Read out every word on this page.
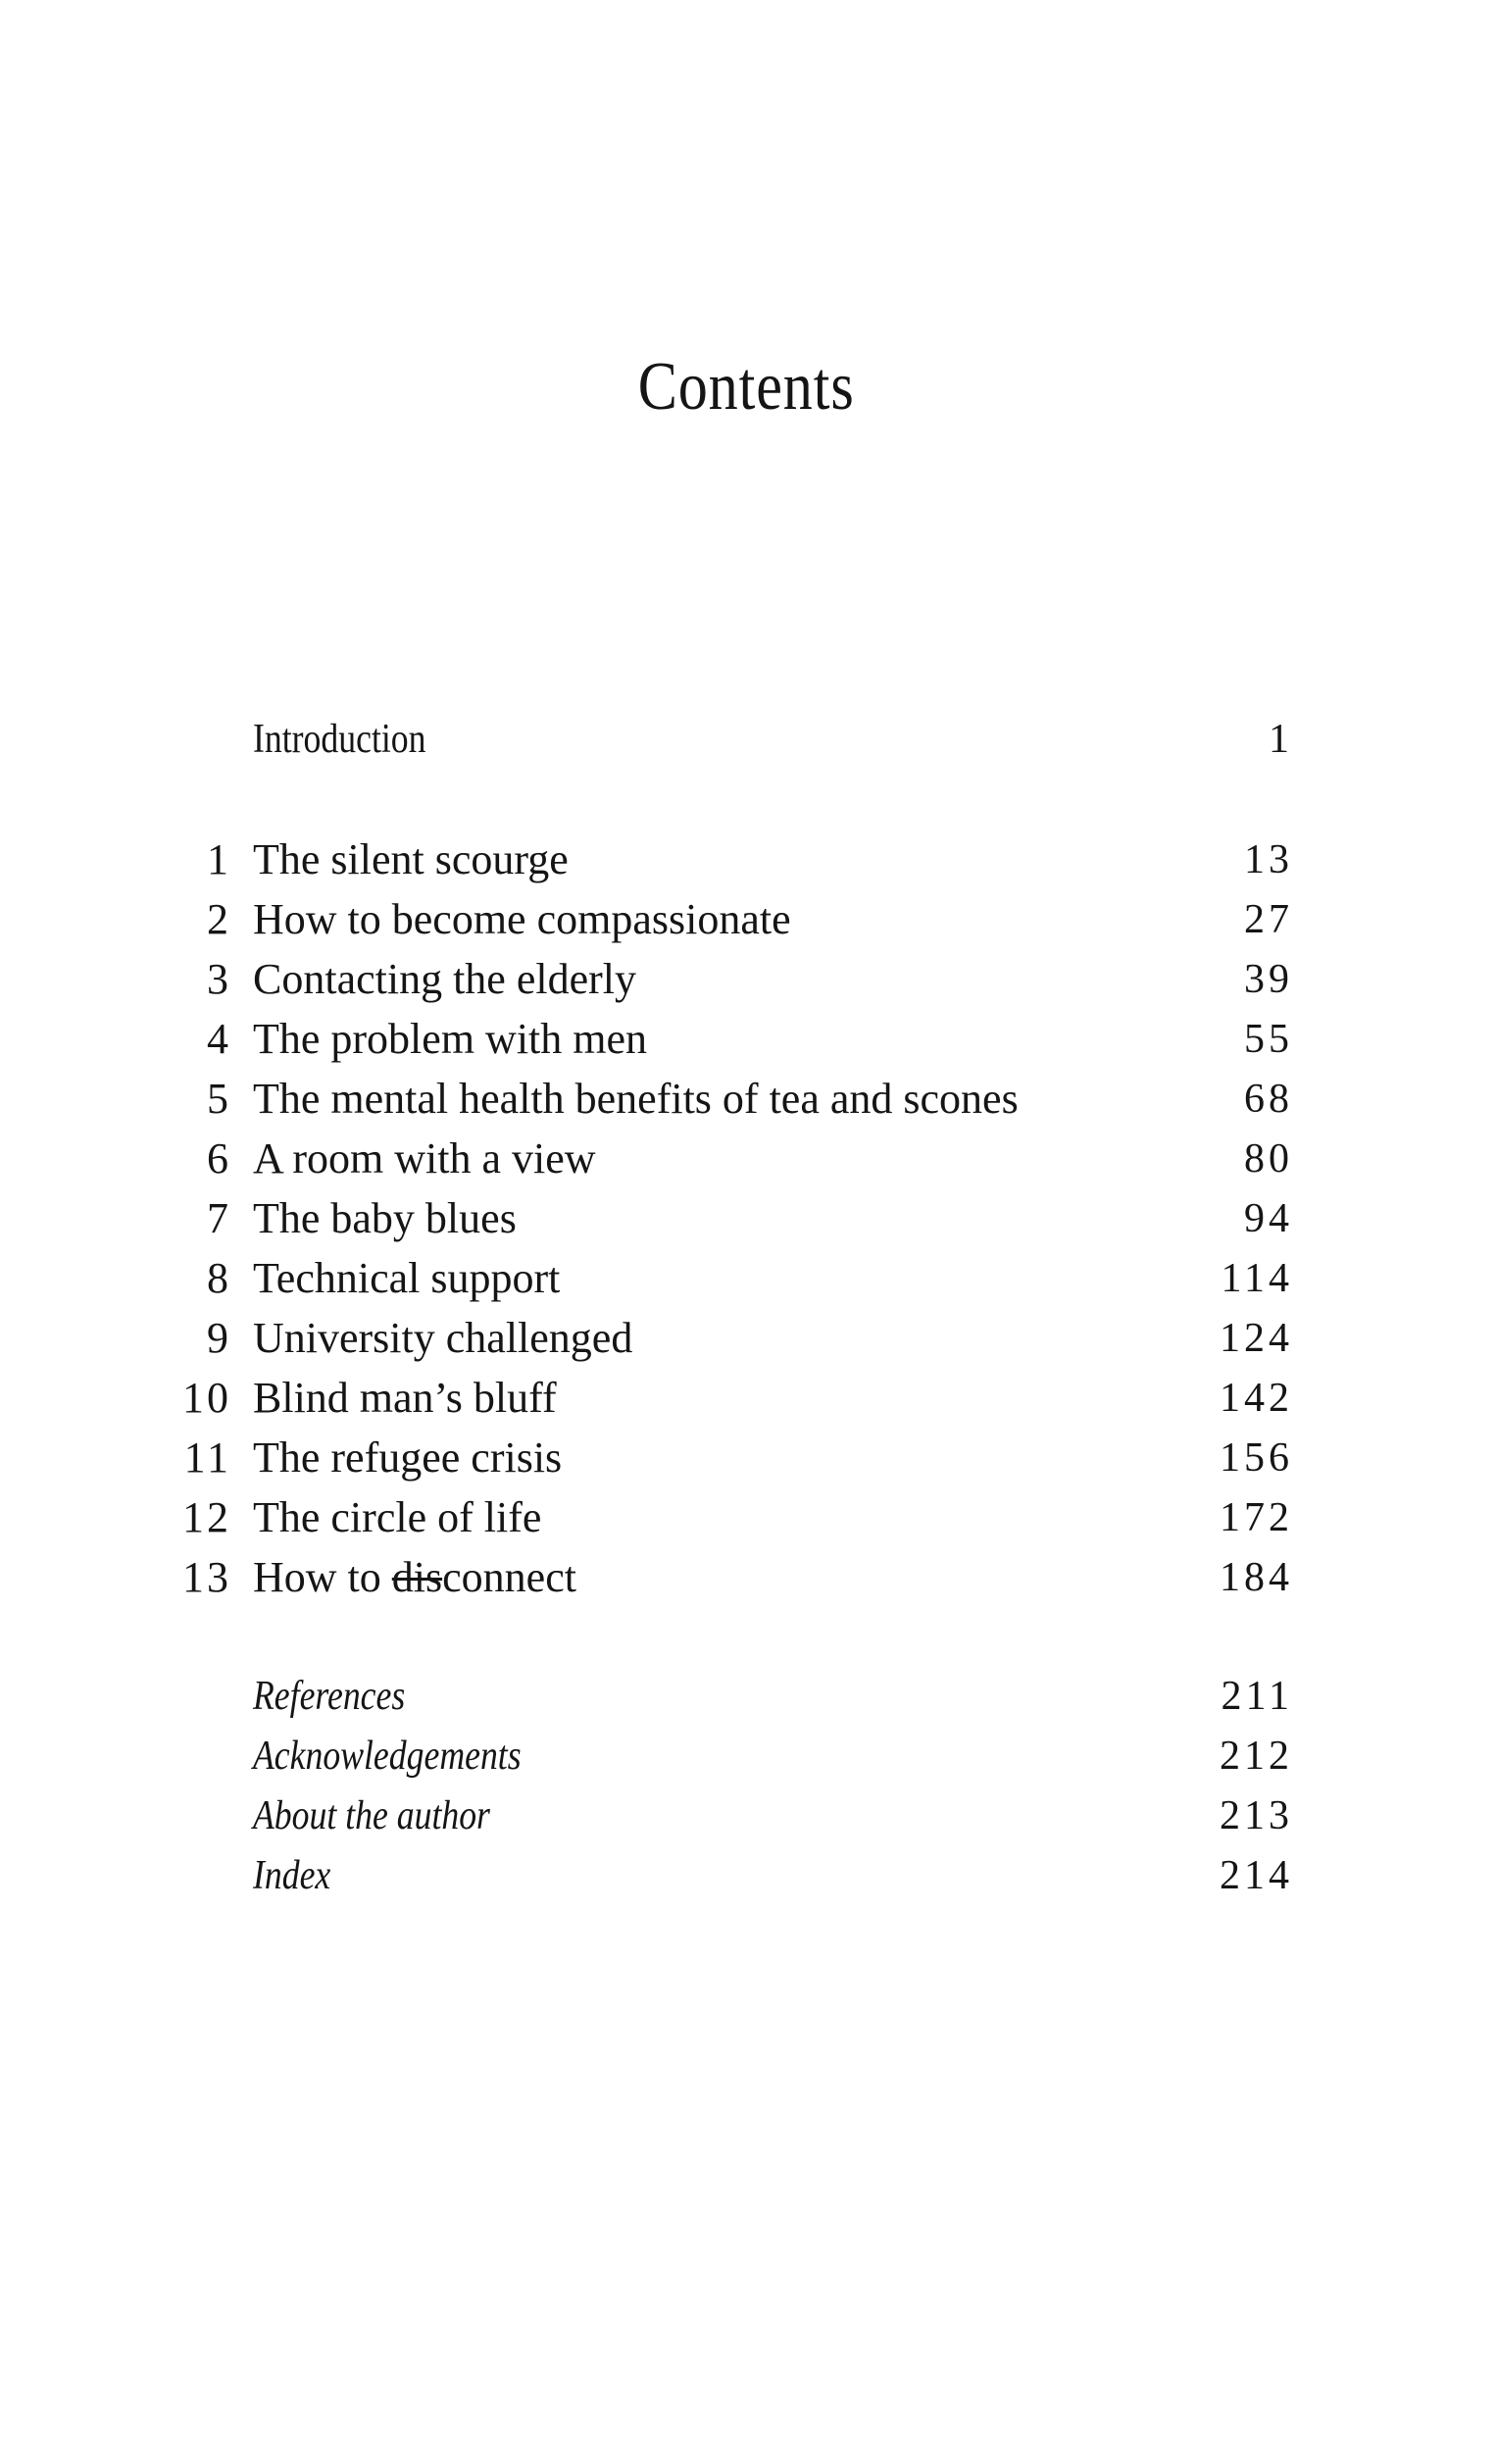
Contents
Introduction	1
1 The silent scourge	13
2 How to become compassionate	27
3 Contacting the elderly	39
4 The problem with men	55
5 The mental health benefits of tea and scones	68
6 A room with a view	80
7 The baby blues	94
8 Technical support	114
9 University challenged	124
10 Blind man’s bluff	142
11 The refugee crisis	156
12 The circle of life	172
13 How to disconnect	184
References	211
Acknowledgements	212
About the author	213
Index	214
